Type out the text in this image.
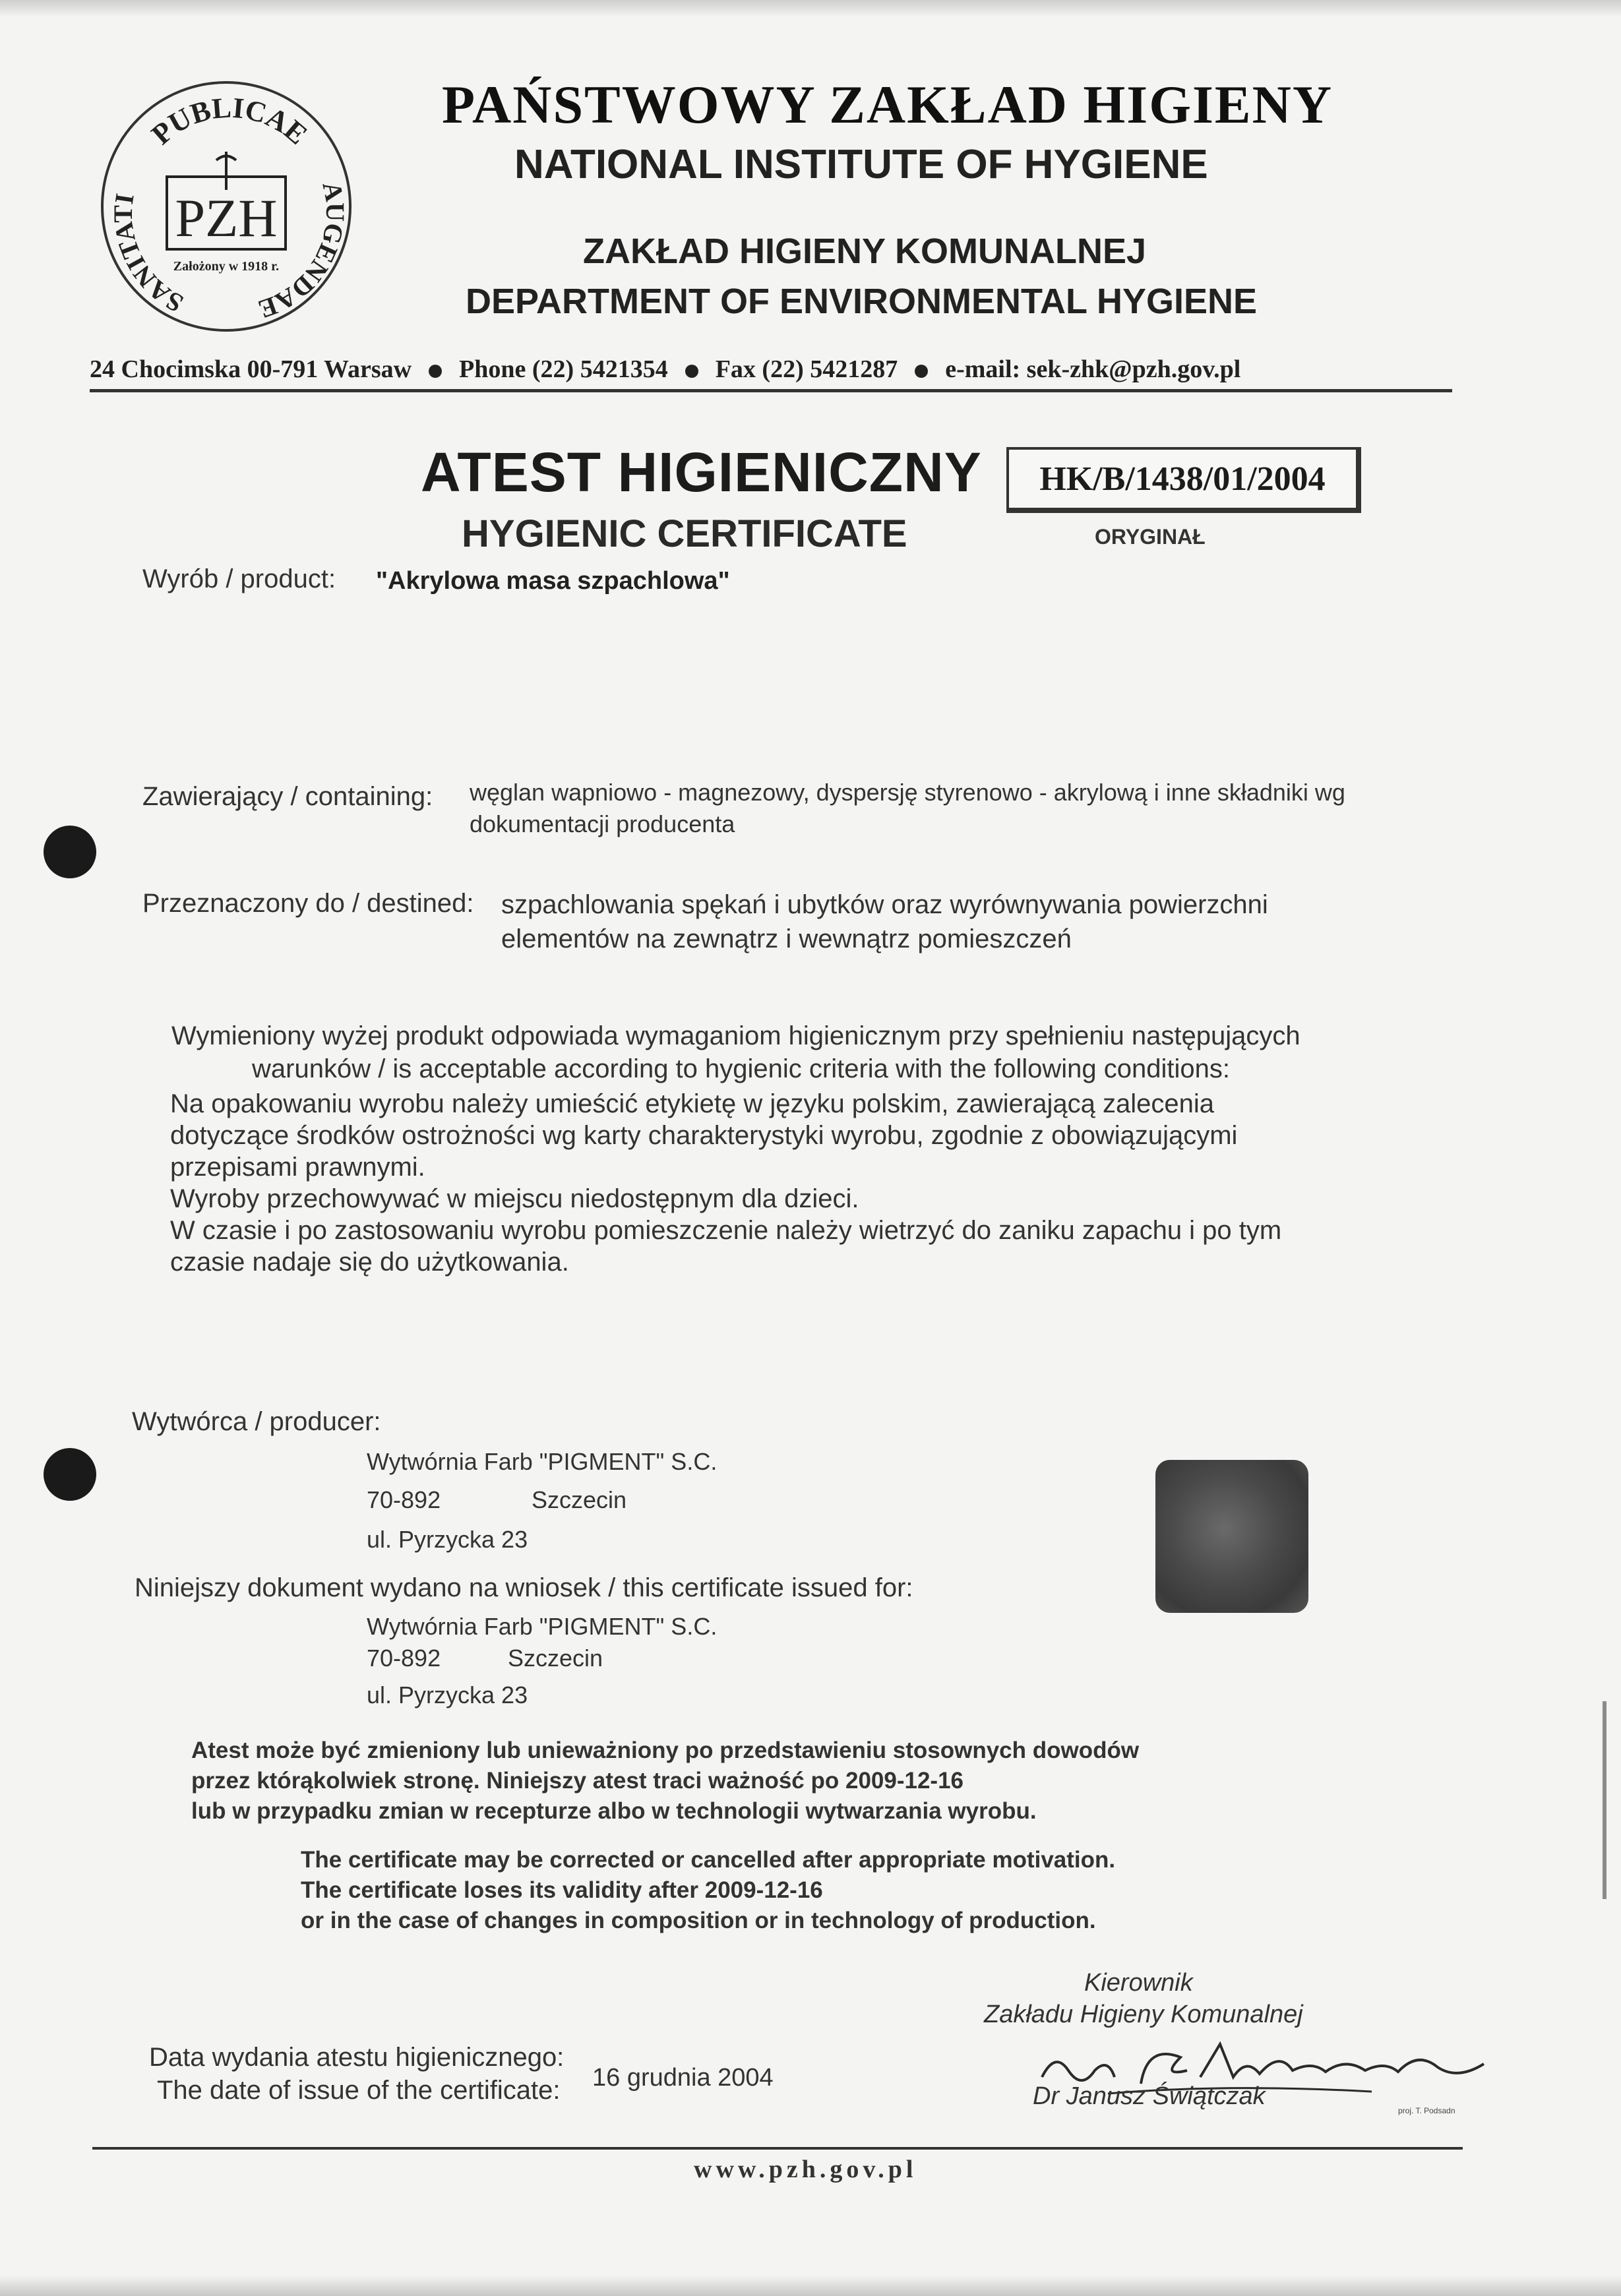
PUBLICAE
SANITATI	AUGENDAE
PZH
Założony w 1918 r.
PAŃSTWOWY ZAKŁAD HIGIENY
NATIONAL INSTITUTE OF HYGIENE
ZAKŁAD HIGIENY KOMUNALNEJ
DEPARTMENT OF ENVIRONMENTAL HYGIENE
24 Chocimska 00-791 Warsaw Phone (22) 5421354 Fax (22) 5421287 e-mail: sek-zhk@pzh.gov.pl
ATEST HIGIENICZNY
HYGIENIC CERTIFICATE
HK/B/1438/01/2004
ORYGINAŁ
Wyrób / product: "Akrylowa masa szpachlowa"
Zawierający / containing: węglan wapniowo - magnezowy, dyspersję styrenowo - akrylową i inne składniki wg
dokumentacji producenta
Przeznaczony do / destined: szpachlowania spękań i ubytków oraz wyrównywania powierzchni
elementów na zewnątrz i wewnątrz pomieszczeń
Wymieniony wyżej produkt odpowiada wymaganiom higienicznym przy spełnieniu następujących
warunków / is acceptable according to hygienic criteria with the following conditions:
Na opakowaniu wyrobu należy umieścić etykietę w języku polskim, zawierającą zalecenia
dotyczące środków ostrożności wg karty charakterystyki wyrobu, zgodnie z obowiązującymi
przepisami prawnymi.
Wyroby przechowywać w miejscu niedostępnym dla dzieci.
W czasie i po zastosowaniu wyrobu pomieszczenie należy wietrzyć do zaniku zapachu i po tym
czasie nadaje się do użytkowania.
Wytwórca / producer:
Wytwórnia Farb "PIGMENT" S.C.
70-892	Szczecin
ul. Pyrzycka 23
Niniejszy dokument wydano na wniosek / this certificate issued for:
Wytwórnia Farb "PIGMENT" S.C.
70-892	Szczecin
ul. Pyrzycka 23
Atest może być zmieniony lub unieważniony po przedstawieniu stosownych dowodów
przez którąkolwiek stronę. Niniejszy atest traci ważność po 2009-12-16
lub w przypadku zmian w recepturze albo w technologii wytwarzania wyrobu.
The certificate may be corrected or cancelled after appropriate motivation.
The certificate loses its validity after 2009-12-16
or in the case of changes in composition or in technology of production.
Kierownik
Zakładu Higieny Komunalnej
Dr Janusz Świątczak
proj. T. Podsadn
Data wydania atestu higienicznego:
The date of issue of the certificate: 16 grudnia 2004
www.pzh.gov.pl
